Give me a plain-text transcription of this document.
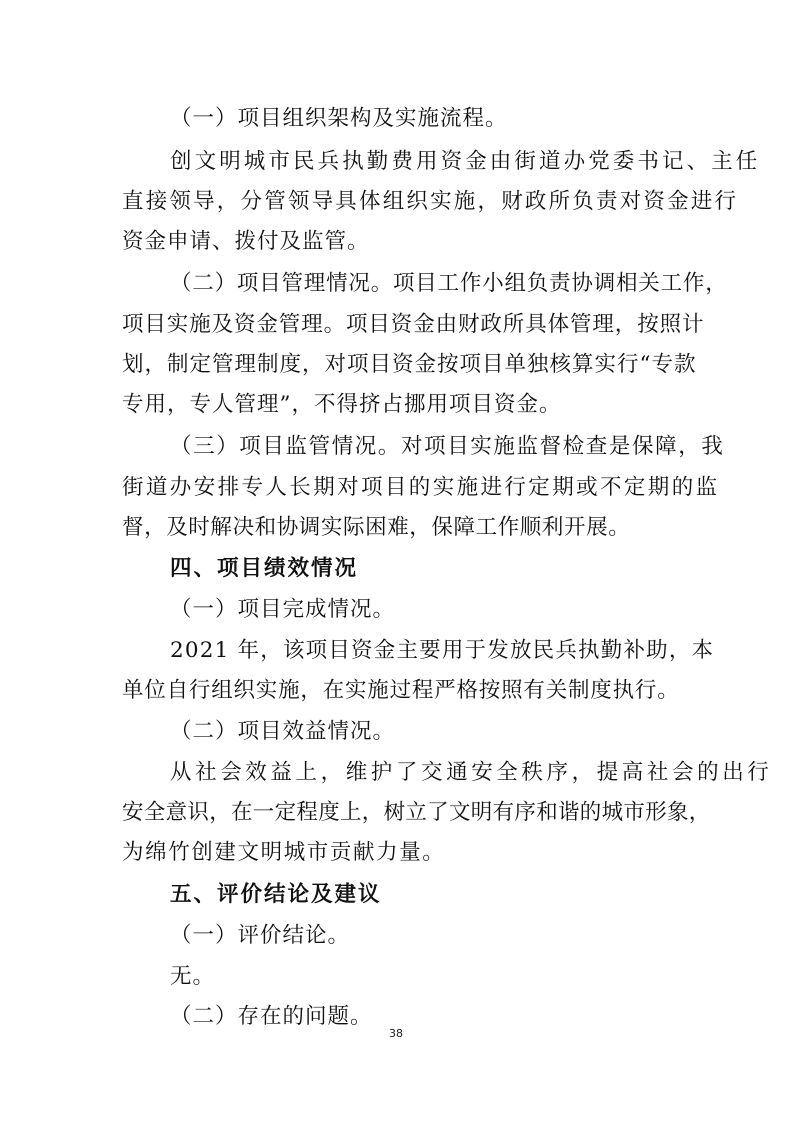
（一）项目组织架构及实施流程。
创文明城市民兵执勤费用资金由街道办党委书记、主任
直接领导，分管领导具体组织实施，财政所负责对资金进行
资金申请、拨付及监管。
（二）项目管理情况。项目工作小组负责协调相关工作，
项目实施及资金管理。项目资金由财政所具体管理，按照计
划，制定管理制度，对项目资金按项目单独核算实行“专款
专用，专人管理”，不得挤占挪用项目资金。
（三）项目监管情况。对项目实施监督检查是保障，我
街道办安排专人长期对项目的实施进行定期或不定期的监
督，及时解决和协调实际困难，保障工作顺利开展。
四、项目绩效情况
（一）项目完成情况。
2021 年，该项目资金主要用于发放民兵执勤补助，本
单位自行组织实施，在实施过程严格按照有关制度执行。
（二）项目效益情况。
从社会效益上，维护了交通安全秩序，提高社会的出行
安全意识，在一定程度上，树立了文明有序和谐的城市形象，
为绵竹创建文明城市贡献力量。
五、评价结论及建议
（一）评价结论。
无。
（二）存在的问题。
38
